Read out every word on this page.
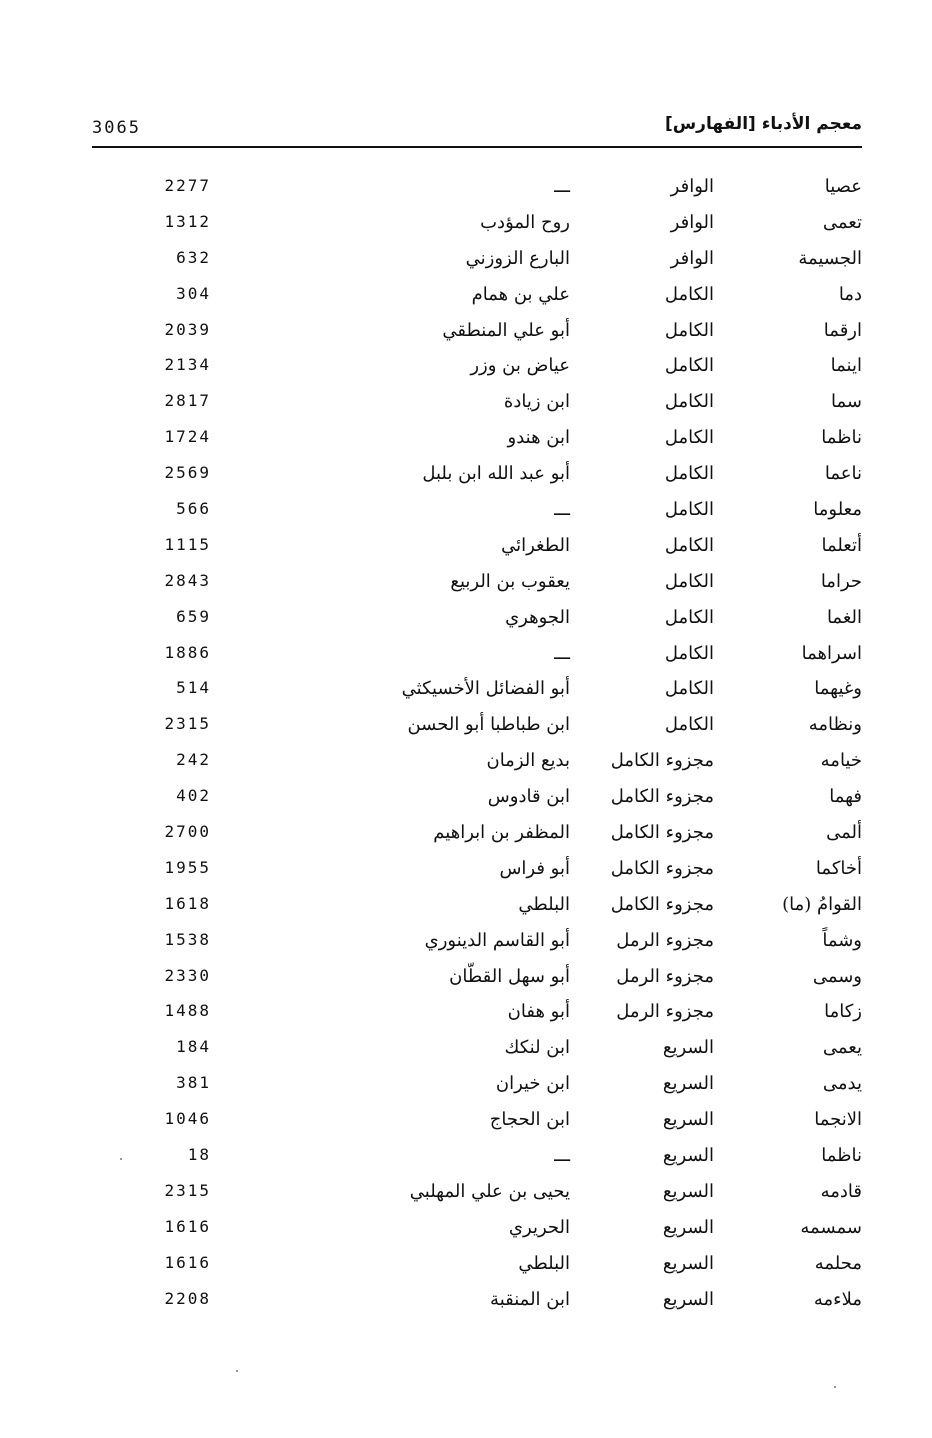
3065	معجم الأدباء [الفهارس]
عصيا
الوافر
ـــ
2277
تعمى
الوافر
روح المؤدب
1312
الجسيمة
الوافر
البارع الزوزني
632
دما
الكامل
علي بن همام
304
ارقما
الكامل
أبو علي المنطقي
2039
اينما
الكامل
عياض بن وزر
2134
سما
الكامل
ابن زيادة
2817
ناظما
الكامل
ابن هندو
1724
ناعما
الكامل
أبو عبد الله ابن بلبل
2569
معلوما
الكامل
ـــ
566
أتعلما
الكامل
الطغرائي
1115
حراما
الكامل
يعقوب بن الربيع
2843
الغما
الكامل
الجوهري
659
اسراهما
الكامل
ـــ
1886
وغيهما
الكامل
أبو الفضائل الأخسيكثي
514
ونظامه
الكامل
ابن طباطبا أبو الحسن
2315
خيامه
مجزوء الكامل
بديع الزمان
242
فهما
مجزوء الكامل
ابن قادوس
402
ألمى
مجزوء الكامل
المظفر بن ابراهيم
2700
أخاكما
مجزوء الكامل
أبو فراس
1955
القوامُ (ما)
مجزوء الكامل
البلطي
1618
وشماً
مجزوء الرمل
أبو القاسم الدينوري
1538
وسمى
مجزوء الرمل
أبو سهل القطّان
2330
زكاما
مجزوء الرمل
أبو هفان
1488
يعمى
السريع
ابن لنكك
184
يدمى
السريع
ابن خيران
381
الانجما
السريع
ابن الحجاج
1046
ناظما
السريع
ـــ
18
قادمه
السريع
يحيى بن علي المهلبي
2315
سمسمه
السريع
الحريري
1616
محلمه
السريع
البلطي
1616
ملاءمه
السريع
ابن المنقبة
2208
